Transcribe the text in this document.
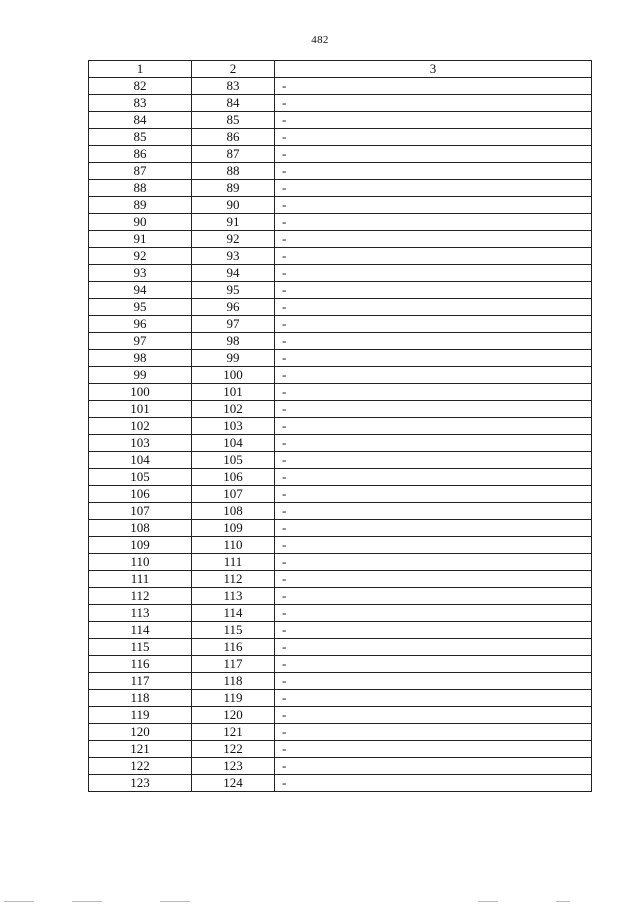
482
1	2	3
82	83	-
83	84	-
84	85	-
85	86	-
86	87	-
87	88	-
88	89	-
89	90	-
90	91	-
91	92	-
92	93	-
93	94	-
94	95	-
95	96	-
96	97	-
97	98	-
98	99	-
99	100	-
100	101	-
101	102	-
102	103	-
103	104	-
104	105	-
105	106	-
106	107	-
107	108	-
108	109	-
109	110	-
110	111	-
111	112	-
112	113	-
113	114	-
114	115	-
115	116	-
116	117	-
117	118	-
118	119	-
119	120	-
120	121	-
121	122	-
122	123	-
123	124	-
